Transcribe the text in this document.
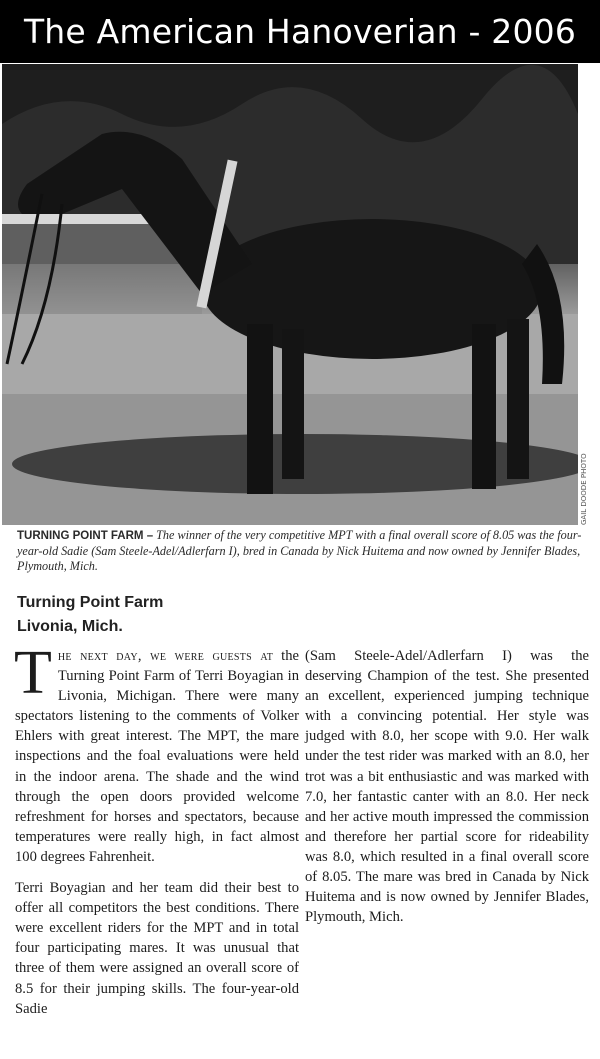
The American Hanoverian - 2006
GAIL DOODE PHOTO
TURNING POINT FARM – The winner of the very competitive MPT with a final overall score of 8.05 was the four-year-old Sadie (Sam Steele-Adel/Adlerfarn I), bred in Canada by Nick Huitema and now owned by Jennifer Blades, Plymouth, Mich.
Turning Point Farm
Livonia, Mich.

The next day, we were guests at the Turning Point Farm of Terri Boyagian in Livonia, Michigan. There were many spectators listening to the comments of Volker Ehlers with great interest. The MPT, the mare inspections and the foal evaluations were held in the indoor arena. The shade and the wind through the open doors provided welcome refreshment for horses and spectators, because temperatures were really high, in fact almost 100 degrees Fahrenheit.

Terri Boyagian and her team did their best to offer all competitors the best conditions. There were excellent riders for the MPT and in total four participating mares. It was unusual that three of them were assigned an overall score of 8.5 for their jumping skills. The four-year-old Sadie

(Sam Steele-Adel/Adlerfarn I) was the deserving Champion of the test. She presented an excellent, experienced jumping technique with a convincing potential. Her style was judged with 8.0, her scope with 9.0. Her walk under the test rider was marked with an 8.0, her trot was a bit enthusiastic and was marked with 7.0, her fantastic canter with an 8.0. Her neck and her active mouth impressed the commission and therefore her partial score for rideability was 8.0, which resulted in a final overall score of 8.05. The mare was bred in Canada by Nick Huitema and is now owned by Jennifer Blades, Plymouth, Mich.
